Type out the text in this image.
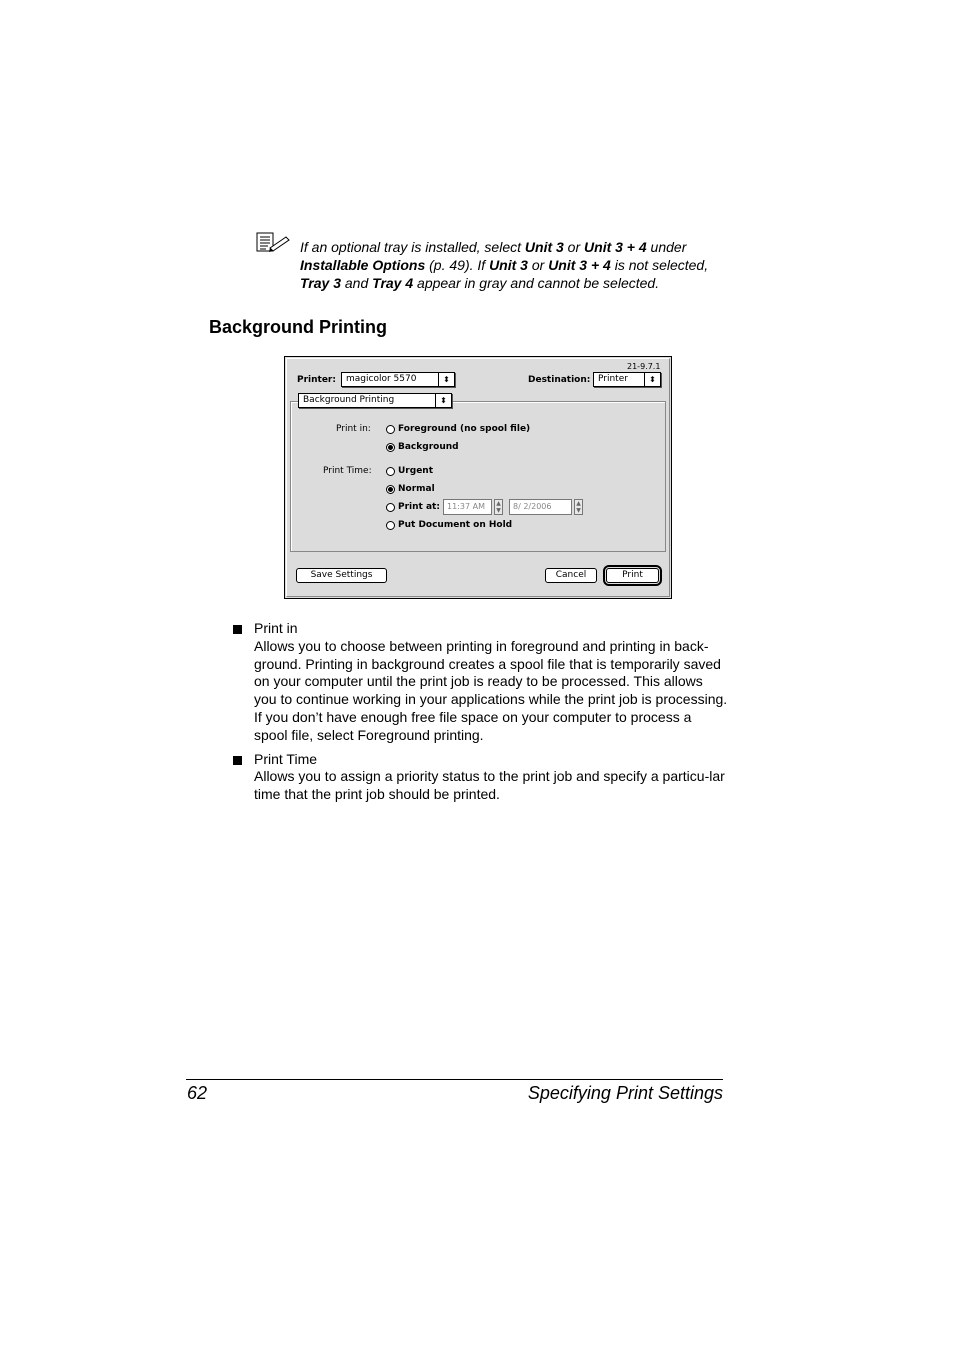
If an optional tray is installed, select Unit 3 or Unit 3 + 4 under Installable Options (p. 49). If Unit 3 or Unit 3 + 4 is not selected, Tray 3 and Tray 4 appear in gray and cannot be selected.
Background Printing
21-9.7.1
Printer:	magicolor 5570	⬍	Destination: Printer	⬍
Background Printing	⬍
Print in:	Foreground (no spool file)
Background
Print Time:	Urgent
Normal
Print at: 11:37 AM	▲
▼	8/ 2/2006	▲
▼
Put Document on Hold
Save Settings	Cancel	Print
Print in
Allows you to choose between printing in foreground and printing in back-ground. Printing in background creates a spool file that is temporarily saved on your computer until the print job is ready to be processed. This allows you to continue working in your applications while the print job is processing. If you don’t have enough free file space on your computer to process a spool file, select Foreground printing.
Print Time
Allows you to assign a priority status to the print job and specify a particu-lar time that the print job should be printed.
62	Specifying Print Settings
